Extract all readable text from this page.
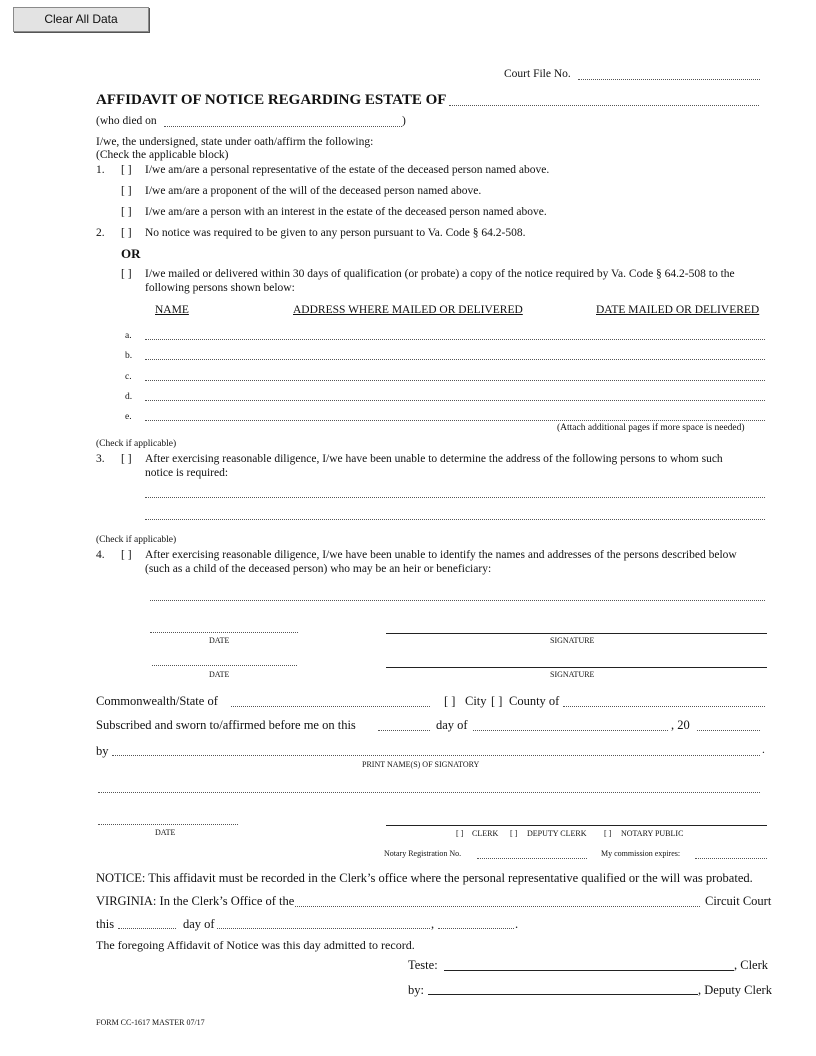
Clear All Data
Court File No.
AFFIDAVIT OF NOTICE REGARDING ESTATE OF
(who died on	)
I/we, the undersigned, state under oath/affirm the following:
(Check the applicable block)
1. [ ] I/we am/are a personal representative of the estate of the deceased person named above.
[ ] I/we am/are a proponent of the will of the deceased person named above.
[ ] I/we am/are a person with an interest in the estate of the deceased person named above.
2. [ ] No notice was required to be given to any person pursuant to Va. Code § 64.2-508.
OR
[ ] I/we mailed or delivered within 30 days of qualification (or probate) a copy of the notice required by Va. Code § 64.2-508 to the
following persons shown below:
NAME	ADDRESS WHERE MAILED OR DELIVERED	DATE MAILED OR DELIVERED
a.
b.
c.
d.
e.
(Attach additional pages if more space is needed)
(Check if applicable)
3. [ ] After exercising reasonable diligence, I/we have been unable to determine the address of the following persons to whom such
notice is required:
(Check if applicable)
4. [ ] After exercising reasonable diligence, I/we have been unable to identify the names and addresses of the persons described below
(such as a child of the deceased person) who may be an heir or beneficiary:
DATE	SIGNATURE
DATE	SIGNATURE
Commonwealth/State of	[ ] City [ ] County of
Subscribed and sworn to/affirmed before me on this	day of	, 20
by	.
PRINT NAME(S) OF SIGNATORY
DATE	[ ] CLERK [ ] DEPUTY CLERK [ ] NOTARY PUBLIC
Notary Registration No.	My commission expires:
NOTICE: This affidavit must be recorded in the Clerk’s office where the personal representative qualified or the will was probated.
VIRGINIA: In the Clerk’s Office of the	Circuit Court
this	day of	,	.
The foregoing Affidavit of Notice was this day admitted to record.
Teste:	, Clerk
by:	, Deputy Clerk
FORM CC-1617 MASTER 07/17
